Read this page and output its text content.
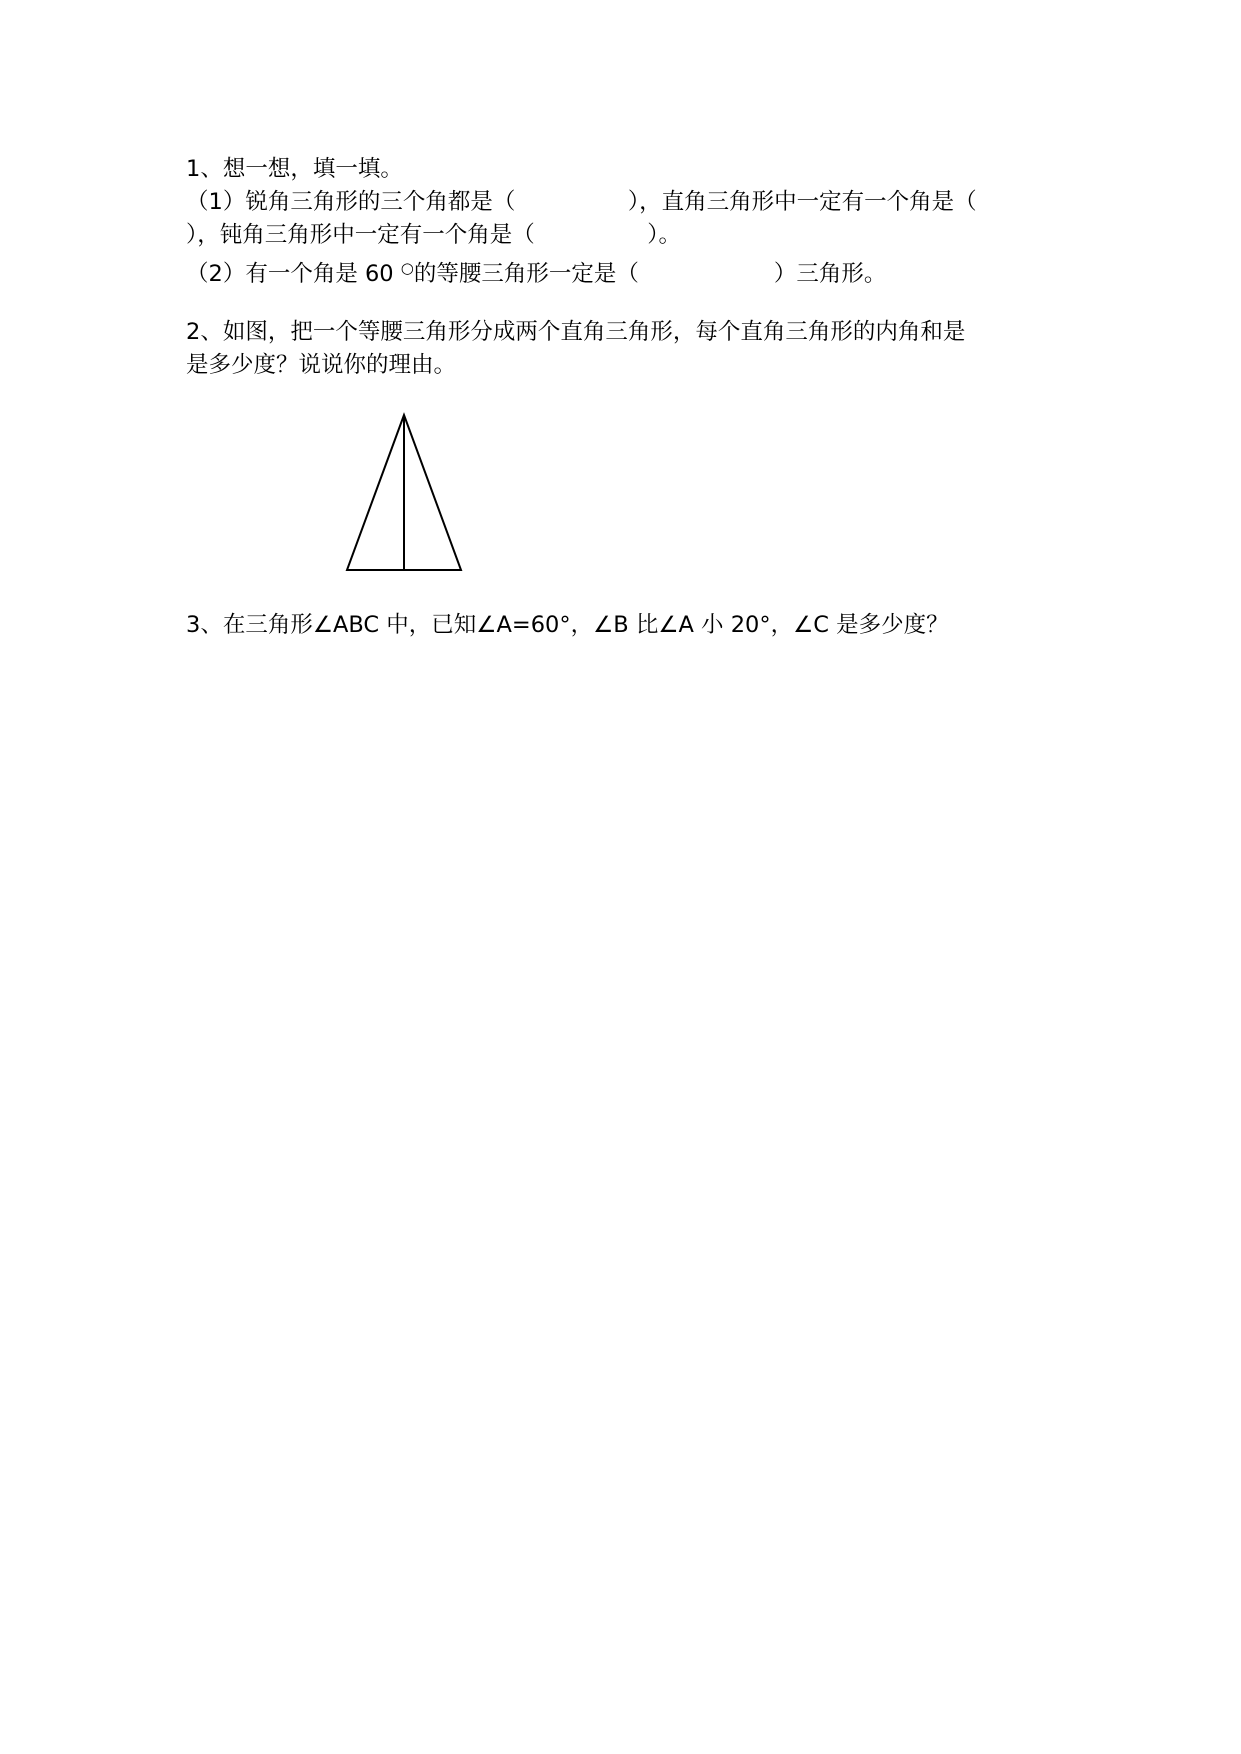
1、想一想，填一填。
（1）锐角三角形的三个角都是（　　　　　），直角三角形中一定有一个角是（
），钝角三角形中一定有一个角是（　　　　　）。
（2）有一个角是 60 ○的等腰三角形一定是（　　　　　　）三角形。
2、如图，把一个等腰三角形分成两个直角三角形，每个直角三角形的内角和是
是多少度？说说你的理由。
3、在三角形∠ABC 中，已知∠A=60°，∠B 比∠A 小 20°，∠C 是多少度？
